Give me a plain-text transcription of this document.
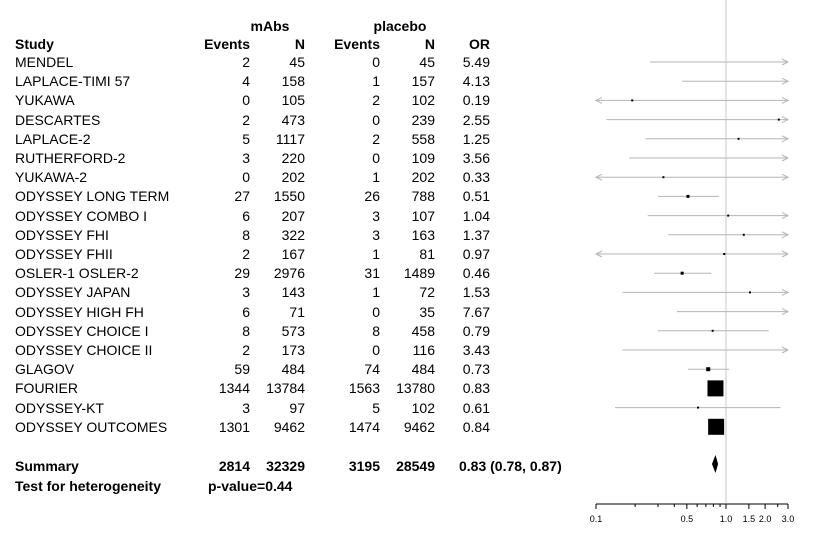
mAbs	placebo
Study	Events	N	Events	N	OR
MENDEL	2	45	0	45	5.49
LAPLACE-TIMI 57	4	158	1	157	4.13
YUKAWA	0	105	2	102	0.19
DESCARTES	2	473	0	239	2.55
LAPLACE-2	5	1117	2	558	1.25
RUTHERFORD-2	3	220	0	109	3.56
YUKAWA-2	0	202	1	202	0.33
ODYSSEY LONG TERM	27	1550	26	788	0.51
ODYSSEY COMBO I	6	207	3	107	1.04
ODYSSEY FHI	8	322	3	163	1.37
ODYSSEY FHII	2	167	1	81	0.97
OSLER-1 OSLER-2	29	2976	31	1489	0.46
ODYSSEY JAPAN	3	143	1	72	1.53
ODYSSEY HIGH FH	6	71	0	35	7.67
ODYSSEY CHOICE I	8	573	8	458	0.79
ODYSSEY CHOICE II	2	173	0	116	3.43
GLAGOV	59	484	74	484	0.73
FOURIER	1344	13784	1563	13780	0.83
ODYSSEY-KT	3	97	5	102	0.61
ODYSSEY OUTCOMES	1301	9462	1474	9462	0.84
Summary	2814	32329	3195	28549 0.83 (0.78, 0.87)
Test for heterogeneity	p-value=0.44
0.1	0.5	1.0 1.5 2.0 3.0
